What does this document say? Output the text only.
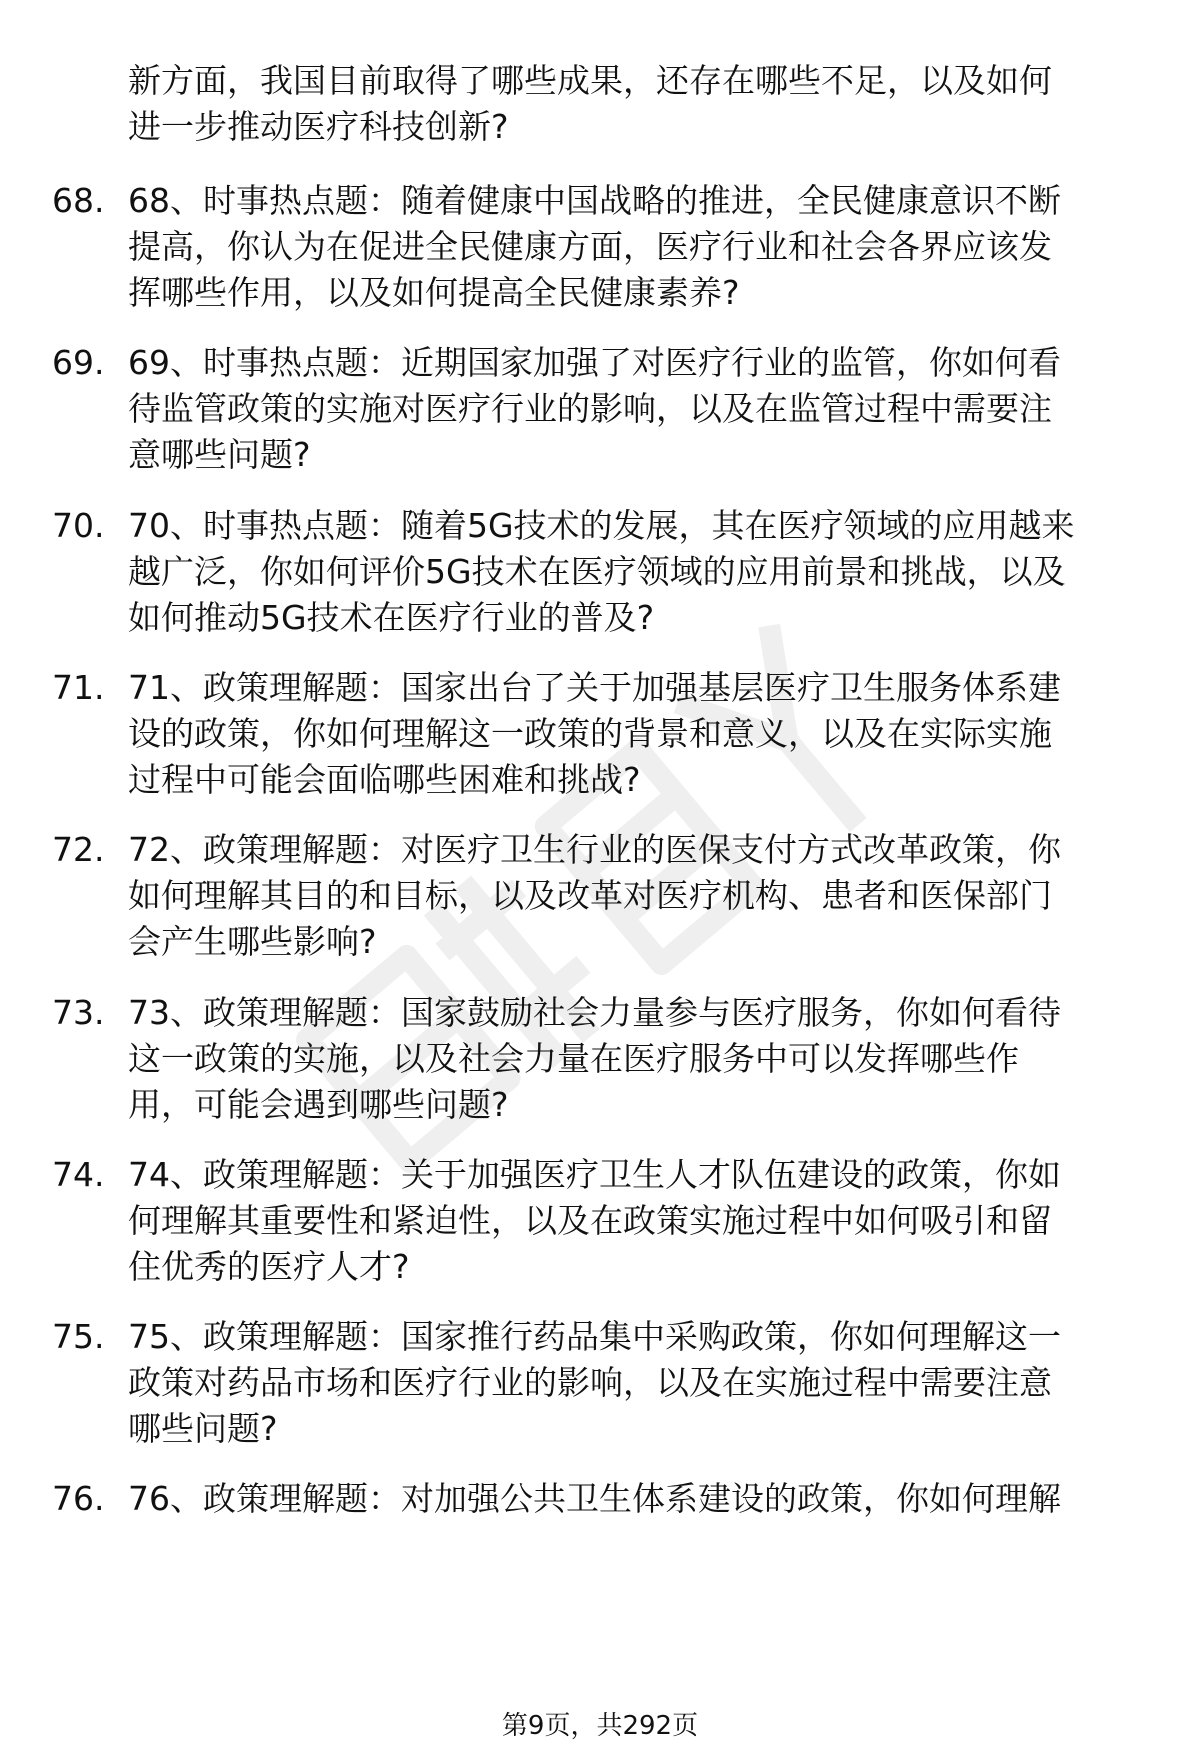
新方面，我国目前取得了哪些成果，还存在哪些不足，以及如何
进一步推动医疗科技创新?

68. 68、时事热点题：随着健康中国战略的推进，全民健康意识不断
提高，你认为在促进全民健康方面，医疗行业和社会各界应该发
挥哪些作用，以及如何提高全民健康素养?
69. 69、时事热点题：近期国家加强了对医疗行业的监管，你如何看
待监管政策的实施对医疗行业的影响，以及在监管过程中需要注
意哪些问题?
70. 70、时事热点题：随着5G技术的发展，其在医疗领域的应用越来
越广泛，你如何评价5G技术在医疗领域的应用前景和挑战，以及
如何推动5G技术在医疗行业的普及?
71. 71、政策理解题：国家出台了关于加强基层医疗卫生服务体系建
设的政策，你如何理解这一政策的背景和意义，以及在实际实施
过程中可能会面临哪些困难和挑战?
72. 72、政策理解题：对医疗卫生行业的医保支付方式改革政策，你
如何理解其目的和目标，以及改革对医疗机构、患者和医保部门
会产生哪些影响?
73. 73、政策理解题：国家鼓励社会力量参与医疗服务，你如何看待
这一政策的实施，以及社会力量在医疗服务中可以发挥哪些作
用，可能会遇到哪些问题?
74. 74、政策理解题：关于加强医疗卫生人才队伍建设的政策，你如
何理解其重要性和紧迫性，以及在政策实施过程中如何吸引和留
住优秀的医疗人才?
75. 75、政策理解题：国家推行药品集中采购政策，你如何理解这一
政策对药品市场和医疗行业的影响，以及在实施过程中需要注意
哪些问题?
76. 76、政策理解题：对加强公共卫生体系建设的政策，你如何理解
第9页，共292页
